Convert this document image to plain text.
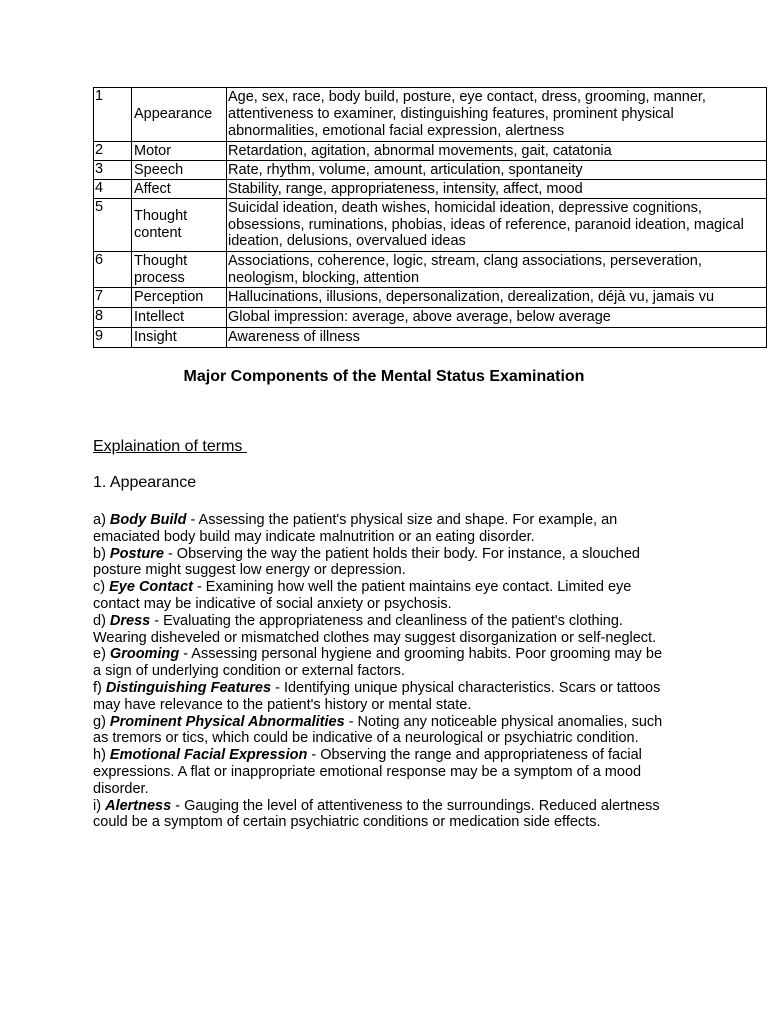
1	Appearance	Age, sex, race, body build, posture, eye contact, dress, grooming, manner, attentiveness to examiner, distinguishing features, prominent physical abnormalities, emotional facial expression, alertness
2	Motor	Retardation, agitation, abnormal movements, gait, catatonia
3	Speech	Rate, rhythm, volume, amount, articulation, spontaneity
4	Affect	Stability, range, appropriateness, intensity, affect, mood
5	Thought content	Suicidal ideation, death wishes, homicidal ideation, depressive cognitions, obsessions, ruminations, phobias, ideas of reference, paranoid ideation, magical ideation, delusions, overvalued ideas
6	Thought process	Associations, coherence, logic, stream, clang associations, perseveration, neologism, blocking, attention
7	Perception	Hallucinations, illusions, depersonalization, derealization, déjà vu, jamais vu
8	Intellect	Global impression: average, above average, below average
9	Insight	Awareness of illness
Major Components of the Mental Status Examination
Explaination of terms
1. Appearance

a) Body Build - Assessing the patient's physical size and shape. For example, an emaciated body build may indicate malnutrition or an eating disorder.

b) Posture - Observing the way the patient holds their body. For instance, a slouched posture might suggest low energy or depression.

c) Eye Contact - Examining how well the patient maintains eye contact. Limited eye contact may be indicative of social anxiety or psychosis.

d) Dress - Evaluating the appropriateness and cleanliness of the patient's clothing. Wearing disheveled or mismatched clothes may suggest disorganization or self-neglect.

e) Grooming - Assessing personal hygiene and grooming habits. Poor grooming may be a sign of underlying condition or external factors.

f) Distinguishing Features - Identifying unique physical characteristics. Scars or tattoos may have relevance to the patient's history or mental state.

g) Prominent Physical Abnormalities - Noting any noticeable physical anomalies, such as tremors or tics, which could be indicative of a neurological or psychiatric condition.

h) Emotional Facial Expression - Observing the range and appropriateness of facial expressions. A flat or inappropriate emotional response may be a symptom of a mood disorder.

i) Alertness - Gauging the level of attentiveness to the surroundings. Reduced alertness could be a symptom of certain psychiatric conditions or medication side effects.
